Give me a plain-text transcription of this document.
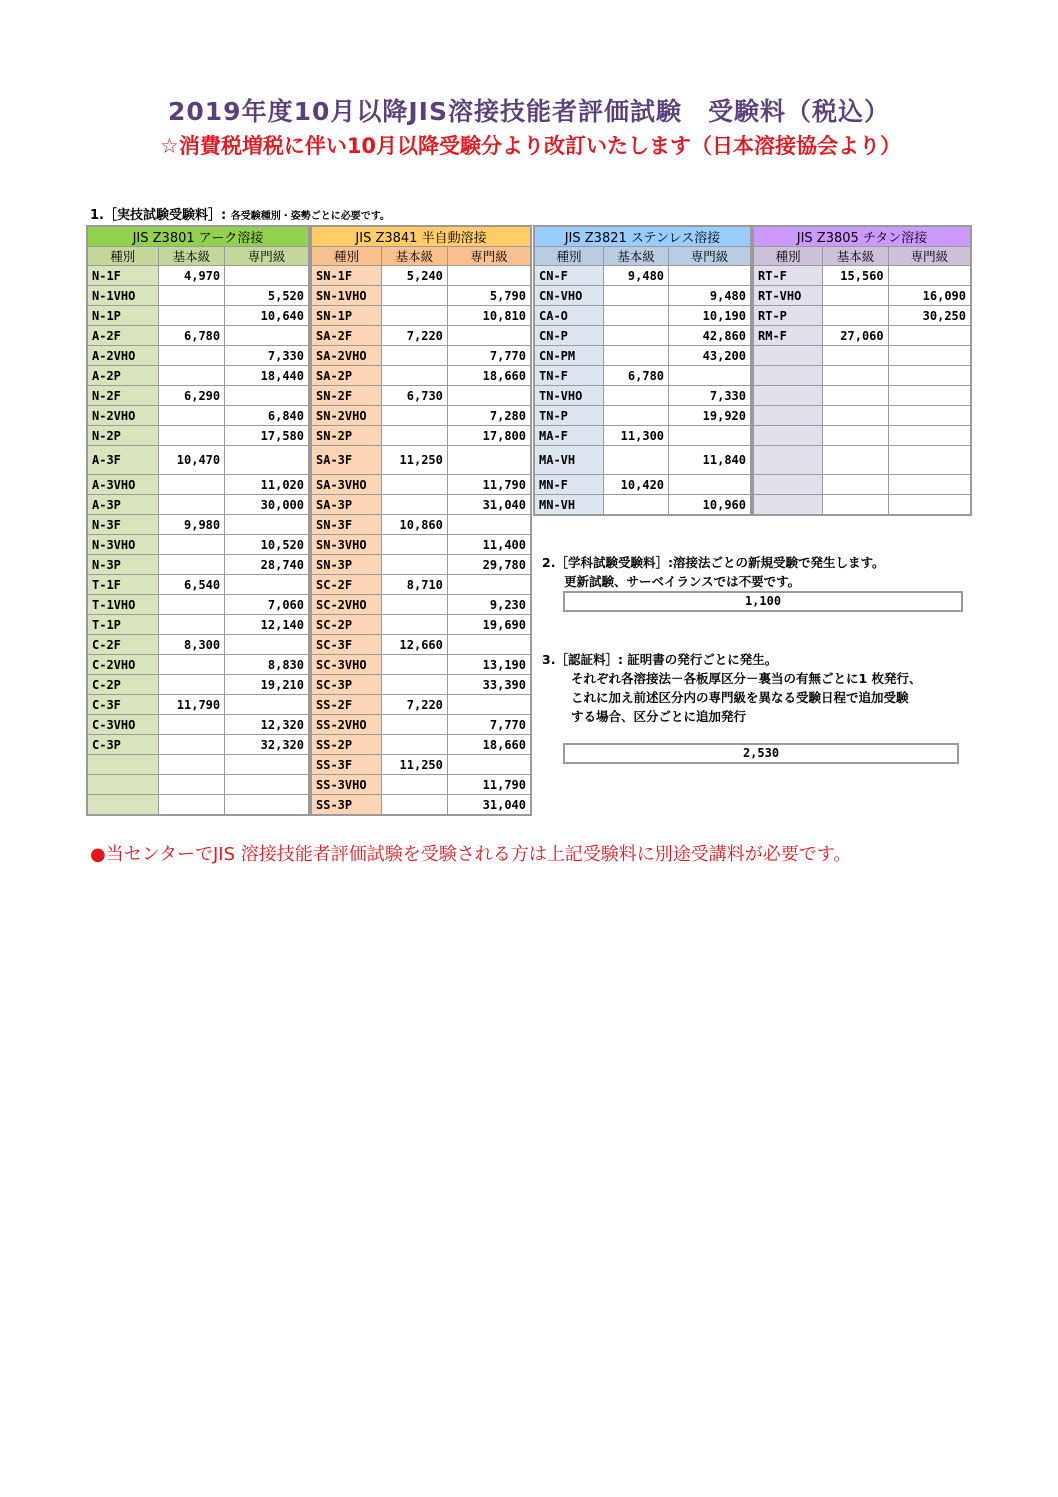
2019年度10月以降JIS溶接技能者評価試験　受験料（税込）
☆消費税増税に伴い10月以降受験分より改訂いたします（日本溶接協会より）
1.［実技試験受験料］: 各受験種別・姿勢ごとに必要です。
JIS Z3801 アーク溶接		
種別	基本級	専門級
N-1F	4,970	
N-1VHO		5,520
N-1P		10,640
A-2F	6,780	
A-2VHO		7,330
A-2P		18,440
N-2F	6,290	
N-2VHO		6,840
N-2P		17,580
A-3F	10,470	
A-3VHO		11,020
A-3P		30,000
N-3F	9,980	
N-3VHO		10,520
N-3P		28,740
T-1F	6,540	
T-1VHO		7,060
T-1P		12,140
C-2F	8,300	
C-2VHO		8,830
C-2P		19,210
C-3F	11,790	
C-3VHO		12,320
C-3P		32,320

JIS Z3841 半自動溶接		
種別	基本級	専門級
SN-1F	5,240	
SN-1VHO		5,790
SN-1P		10,810
SA-2F	7,220	
SA-2VHO		7,770
SA-2P		18,660
SN-2F	6,730	
SN-2VHO		7,280
SN-2P		17,800
SA-3F	11,250	
SA-3VHO		11,790
SA-3P		31,040
SN-3F	10,860	
SN-3VHO		11,400
SN-3P		29,780
SC-2F	8,710	
SC-2VHO		9,230
SC-2P		19,690
SC-3F	12,660	
SC-3VHO		13,190
SC-3P		33,390
SS-2F	7,220	
SS-2VHO		7,770
SS-2P		18,660
SS-3F	11,250	
SS-3VHO		11,790
SS-3P		31,040
JIS Z3821 ステンレス溶接		
種別	基本級	専門級
CN-F	9,480	
CN-VHO		9,480
CA-O		10,190
CN-P		42,860
CN-PM		43,200
TN-F	6,780	
TN-VHO		7,330
TN-P		19,920
MA-F	11,300	
MA-VH		11,840
MN-F	10,420	
MN-VH		10,960
JIS Z3805 チタン溶接		
種別	基本級	専門級
RT-F	15,560	
RT-VHO		16,090
RT-P		30,250
RM-F	27,060	

2.［学科試験受験料］:溶接法ごとの新規受験で発生します。
更新試験、サーベイランスでは不要です。
1,100
3.［認証料］: 証明書の発行ごとに発生。
それぞれ各溶接法－各板厚区分－裏当の有無ごとに1 枚発行、
これに加え前述区分内の専門級を異なる受験日程で追加受験
する場合、区分ごとに追加発行
2,530
●当センターでJIS 溶接技能者評価試験を受験される方は上記受験料に別途受講料が必要です。
